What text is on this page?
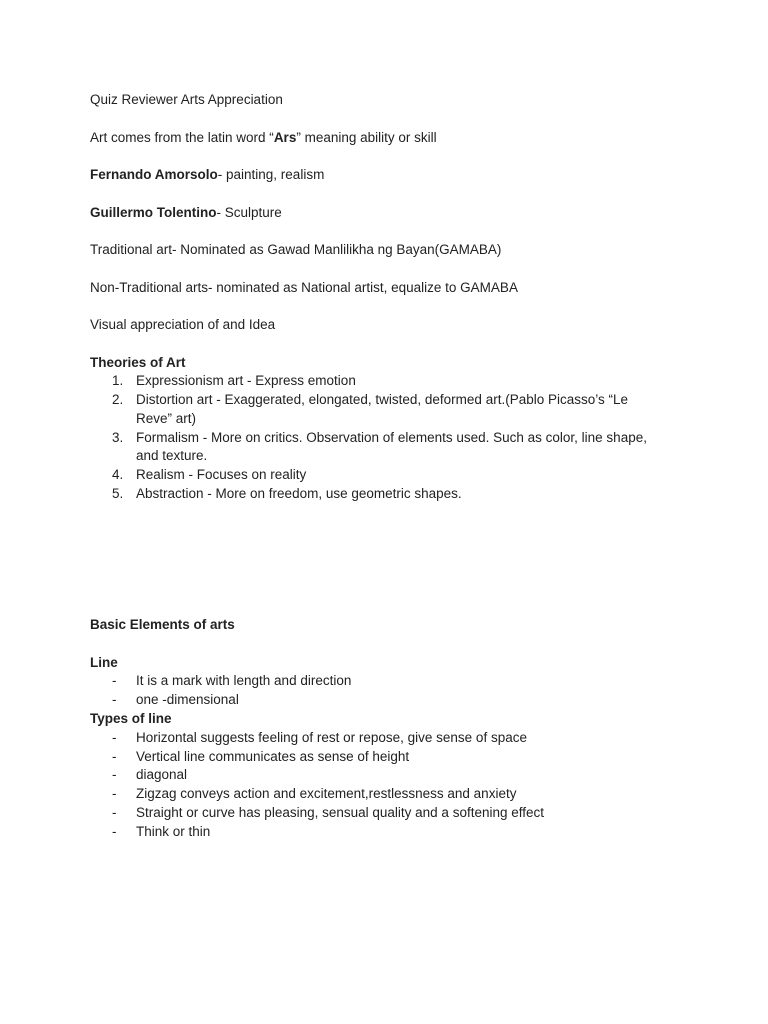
Quiz Reviewer Arts Appreciation
Art comes from the latin word “Ars” meaning ability or skill
Fernando Amorsolo- painting, realism
Guillermo Tolentino- Sculpture
Traditional art- Nominated as Gawad Manlilikha ng Bayan(GAMABA)
Non-Traditional arts- nominated as National artist, equalize to GAMABA
Visual appreciation of and Idea
Theories of Art
1. Expressionism art - Express emotion
2. Distortion art - Exaggerated, elongated, twisted, deformed art.(Pablo Picasso’s “Le
Reve” art)
3. Formalism - More on critics. Observation of elements used. Such as color, line shape,
and texture.
4. Realism - Focuses on reality
5. Abstraction - More on freedom, use geometric shapes.
Basic Elements of arts
Line
-	It is a mark with length and direction
-	one -dimensional
Types of line
-	Horizontal suggests feeling of rest or repose, give sense of space
-	Vertical line communicates as sense of height
-	diagonal
-	Zigzag conveys action and excitement,restlessness and anxiety
-	Straight or curve has pleasing, sensual quality and a softening effect
-	Think or thin
